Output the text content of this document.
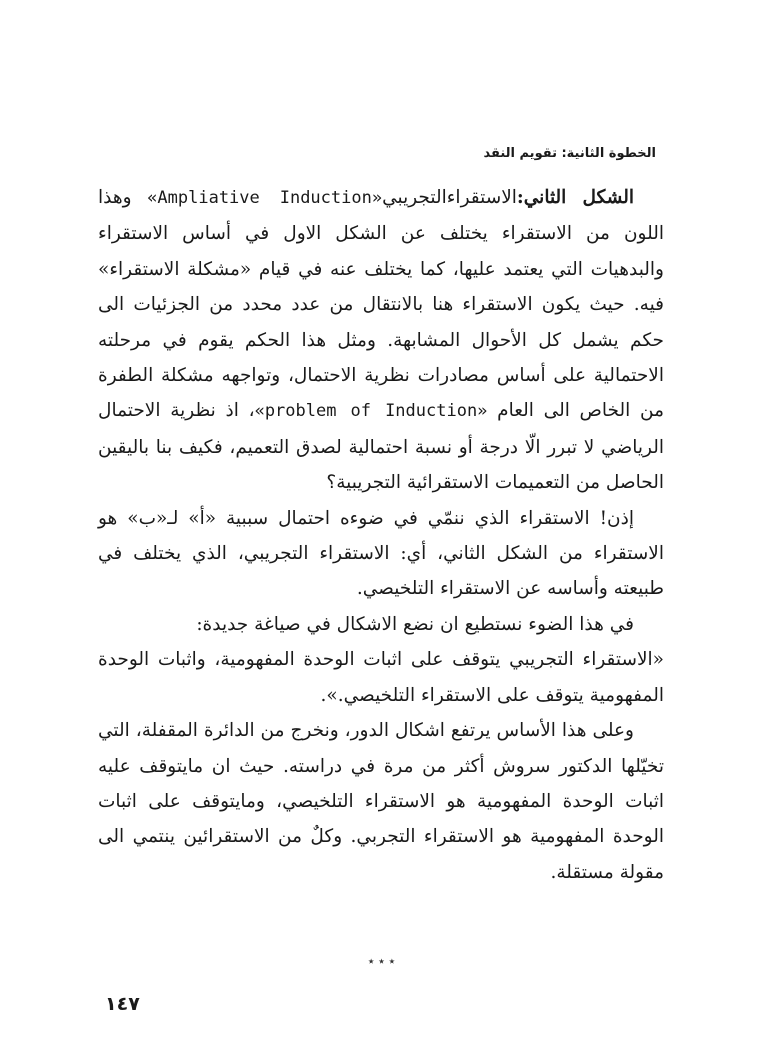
الخطوة الثانية: تقويم النقد

الشكل الثاني:الاستقراءالتجريبي«Ampliative Induction» وهذا اللون من الاستقراء يختلف عن الشكل الاول في أساس الاستقراء والبدهيات التي يعتمد عليها، كما يختلف عنه في قيام «مشكلة الاستقراء» فيه. حيث يكون الاستقراء هنا بالانتقال من عدد محدد من الجزئيات الى حكم يشمل كل الأحوال المشابهة. ومثل هذا الحكم يقوم في مرحلته الاحتمالية على أساس مصادرات نظرية الاحتمال، وتواجهه مشكلة الطفرة من الخاص الى العام «problem of Induction»، اذ نظرية الاحتمال الرياضي لا تبرر الّا درجة أو نسبة احتمالية لصدق التعميم، فكيف بنا باليقين الحاصل من التعميمات الاستقرائية التجريبية؟

إذن! الاستقراء الذي ننمّي في ضوءه احتمال سببية «أ» لـ«ب» هو الاستقراء من الشكل الثاني، أي: الاستقراء التجريبي، الذي يختلف في طبيعته وأساسه عن الاستقراء التلخيصي.

في هذا الضوء نستطيع ان نضع الاشكال في صياغة جديدة:

«الاستقراء التجريبي يتوقف على اثبات الوحدة المفهومية، واثبات الوحدة المفهومية يتوقف على الاستقراء التلخيصي.».

وعلى هذا الأساس يرتفع اشكال الدور، ونخرج من الدائرة المقفلة، التي تخيّلها الدكتور سروش أكثر من مرة في دراسته. حيث ان مايتوقف عليه اثبات الوحدة المفهومية هو الاستقراء التلخيصي، ومايتوقف على اثبات الوحدة المفهومية هو الاستقراء التجربي. وكلٌ من الاستقرائين ينتمي الى مقولة مستقلة.

٭ ٭ ٭
١٤٧
